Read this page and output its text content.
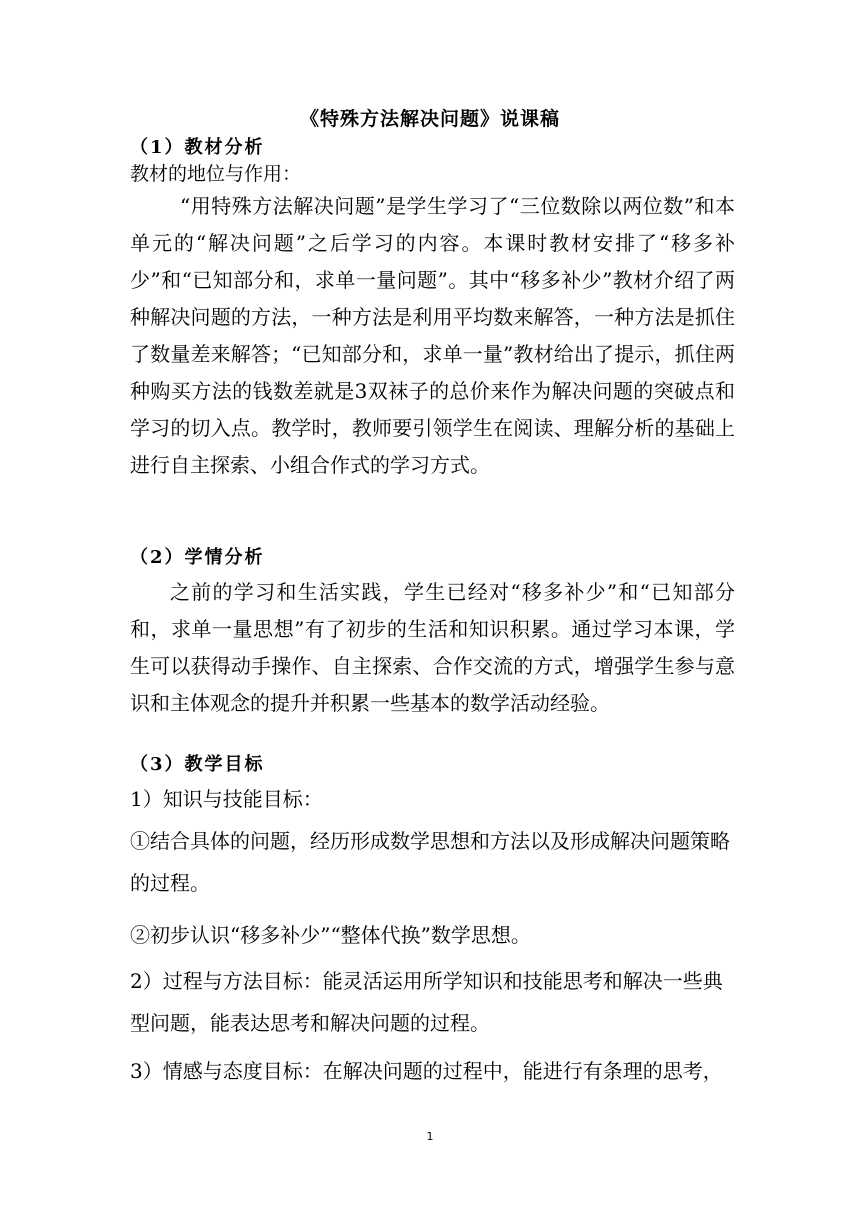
《特殊方法解决问题》说课稿
（1）教材分析
教材的地位与作用：
“用特殊方法解决问题”是学生学习了“三位数除以两位数”和本单元的“解决问题”之后学习的内容。本课时教材安排了“移多补少”和“已知部分和，求单一量问题”。其中“移多补少”教材介绍了两种解决问题的方法，一种方法是利用平均数来解答，一种方法是抓住了数量差来解答；“已知部分和，求单一量”教材给出了提示，抓住两种购买方法的钱数差就是3双袜子的总价来作为解决问题的突破点和学习的切入点。教学时，教师要引领学生在阅读、理解分析的基础上进行自主探索、小组合作式的学习方式。
（2）学情分析
之前的学习和生活实践，学生已经对“移多补少”和“已知部分和，求单一量思想”有了初步的生活和知识积累。通过学习本课，学生可以获得动手操作、自主探索、合作交流的方式，增强学生参与意识和主体观念的提升并积累一些基本的数学活动经验。
（3）教学目标
1）知识与技能目标：
①结合具体的问题，经历形成数学思想和方法以及形成解决问题策略的过程。
②初步认识“移多补少”“整体代换”数学思想。
2）过程与方法目标：能灵活运用所学知识和技能思考和解决一些典型问题，能表达思考和解决问题的过程。
3）情感与态度目标：在解决问题的过程中，能进行有条理的思考，
1
